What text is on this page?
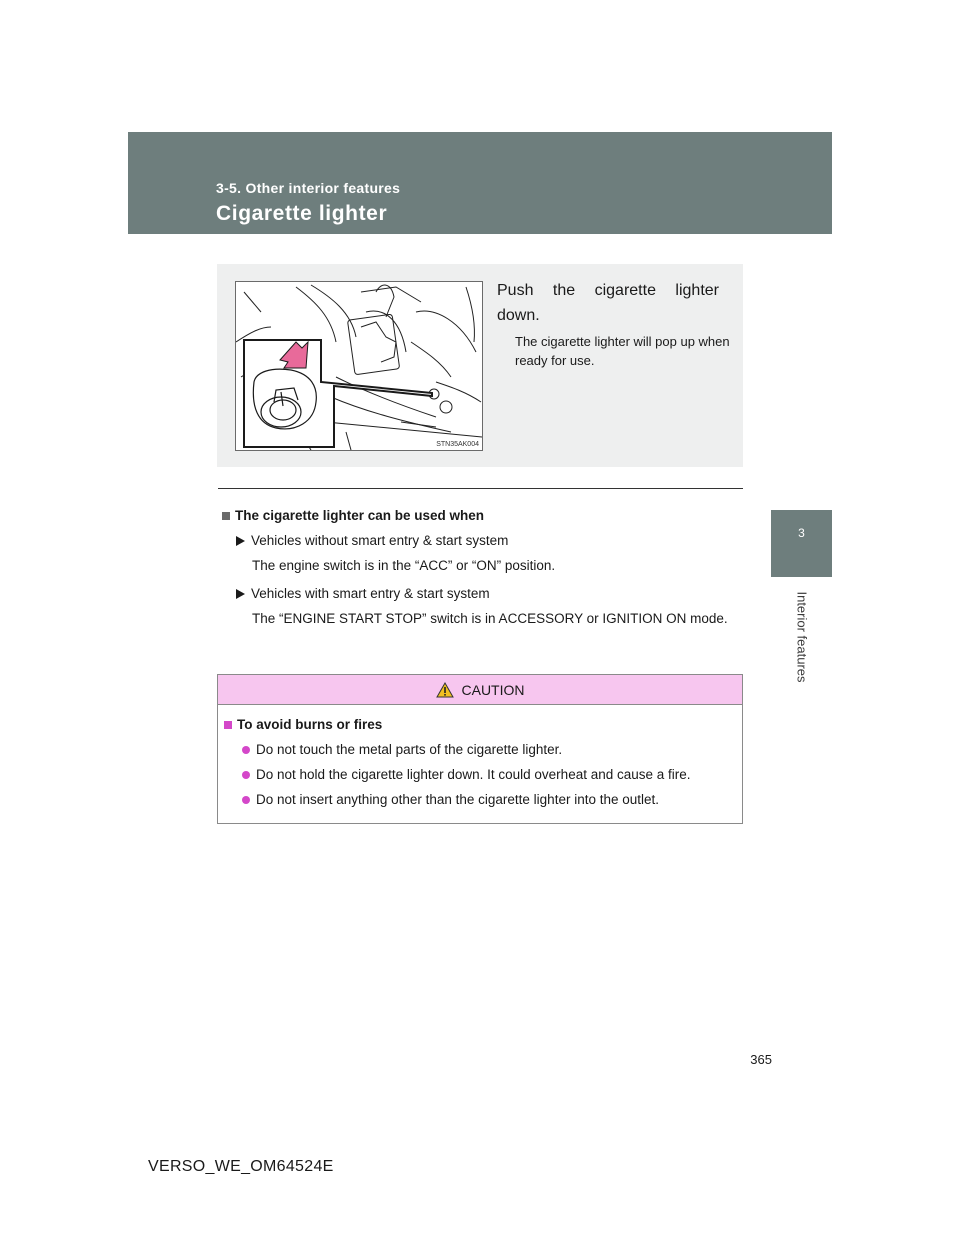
3-5. Other interior features
Cigarette lighter
3
Interior features
STN35AK004
Push the cigarette lighter
down.
The cigarette lighter will pop up when ready for use.
The cigarette lighter can be used when
Vehicles without smart entry & start system
The engine switch is in the “ACC” or “ON” position.
Vehicles with smart entry & start system
The “ENGINE START STOP” switch is in ACCESSORY or IGNITION ON mode.
CAUTION
To avoid burns or fires
Do not touch the metal parts of the cigarette lighter.
Do not hold the cigarette lighter down. It could overheat and cause a fire.
Do not insert anything other than the cigarette lighter into the outlet.
365
VERSO_WE_OM64524E
